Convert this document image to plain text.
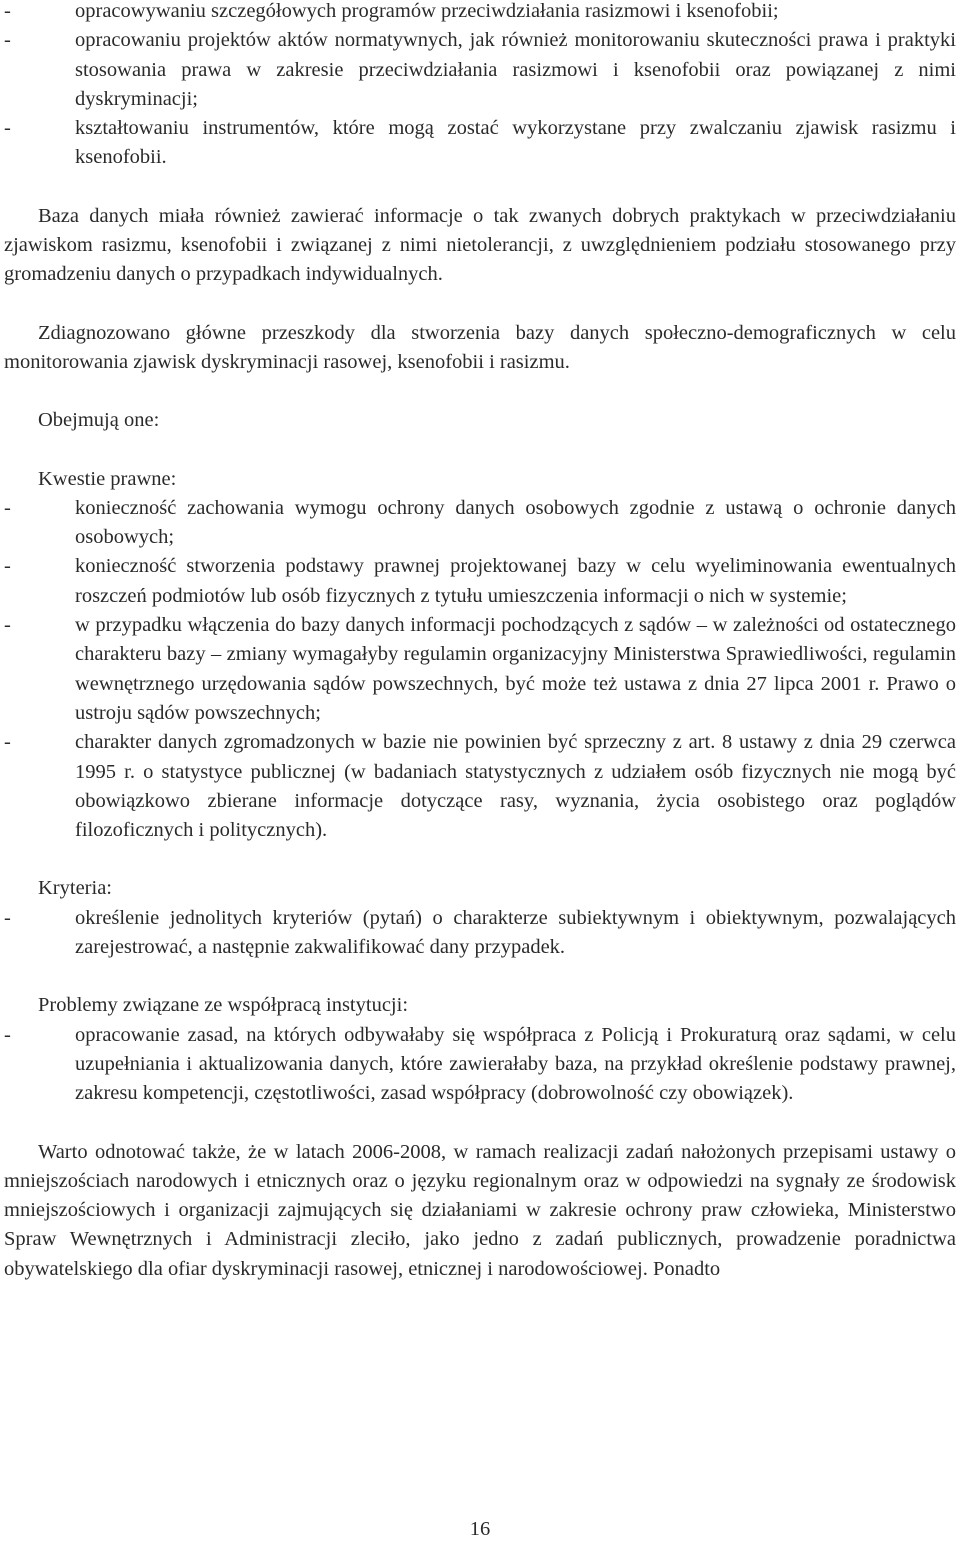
-	opracowywaniu szczegółowych programów przeciwdziałania rasizmowi i ksenofobii;
-	opracowaniu projektów aktów normatywnych, jak również monitorowaniu skuteczności prawa i praktyki stosowania prawa w zakresie przeciwdziałania rasizmowi i ksenofobii oraz powiązanej z nimi dyskryminacji;
-	kształtowaniu instrumentów, które mogą zostać wykorzystane przy zwalczaniu zjawisk rasizmu i ksenofobii.

Baza danych miała również zawierać informacje o tak zwanych dobrych praktykach w przeciwdziałaniu zjawiskom rasizmu, ksenofobii i związanej z nimi nietolerancji, z uwzględnieniem podziału stosowanego przy gromadzeniu danych o przypadkach indywidualnych.

Zdiagnozowano główne przeszkody dla stworzenia bazy danych społeczno-demograficznych w celu monitorowania zjawisk dyskryminacji rasowej, ksenofobii i rasizmu.

Obejmują one:

Kwestie prawne:

-	konieczność zachowania wymogu ochrony danych osobowych zgodnie z ustawą o ochronie danych osobowych;
-	konieczność stworzenia podstawy prawnej projektowanej bazy w celu wyeliminowania ewentualnych roszczeń podmiotów lub osób fizycznych z tytułu umieszczenia informacji o nich w systemie;
-	w przypadku włączenia do bazy danych informacji pochodzących z sądów – w zależności od ostatecznego charakteru bazy – zmiany wymagałyby regulamin organizacyjny Ministerstwa Sprawiedliwości, regulamin wewnętrznego urzędowania sądów powszechnych, być może też ustawa z dnia 27 lipca 2001 r. Prawo o ustroju sądów powszechnych;
-	charakter danych zgromadzonych w bazie nie powinien być sprzeczny z art. 8 ustawy z dnia 29 czerwca 1995 r. o statystyce publicznej (w badaniach statystycznych z udziałem osób fizycznych nie mogą być obowiązkowo zbierane informacje dotyczące rasy, wyznania, życia osobistego oraz poglądów filozoficznych i politycznych).

Kryteria:

-	określenie jednolitych kryteriów (pytań) o charakterze subiektywnym i obiektywnym, pozwalających zarejestrować, a następnie zakwalifikować dany przypadek.

Problemy związane ze współpracą instytucji:

-	opracowanie zasad, na których odbywałaby się współpraca z Policją i Prokuraturą oraz sądami, w celu uzupełniania i aktualizowania danych, które zawierałaby baza, na przykład określenie podstawy prawnej, zakresu kompetencji, częstotliwości, zasad współpracy (dobrowolność czy obowiązek).

Warto odnotować także, że w latach 2006-2008, w ramach realizacji zadań nałożonych przepisami ustawy o mniejszościach narodowych i etnicznych oraz o języku regionalnym oraz w odpowiedzi na sygnały ze środowisk mniejszościowych i organizacji zajmujących się działaniami w zakresie ochrony praw człowieka, Ministerstwo Spraw Wewnętrznych i Administracji zleciło, jako jedno z zadań publicznych, prowadzenie poradnictwa obywatelskiego dla ofiar dyskryminacji rasowej, etnicznej i narodowościowej. Ponadto

16
